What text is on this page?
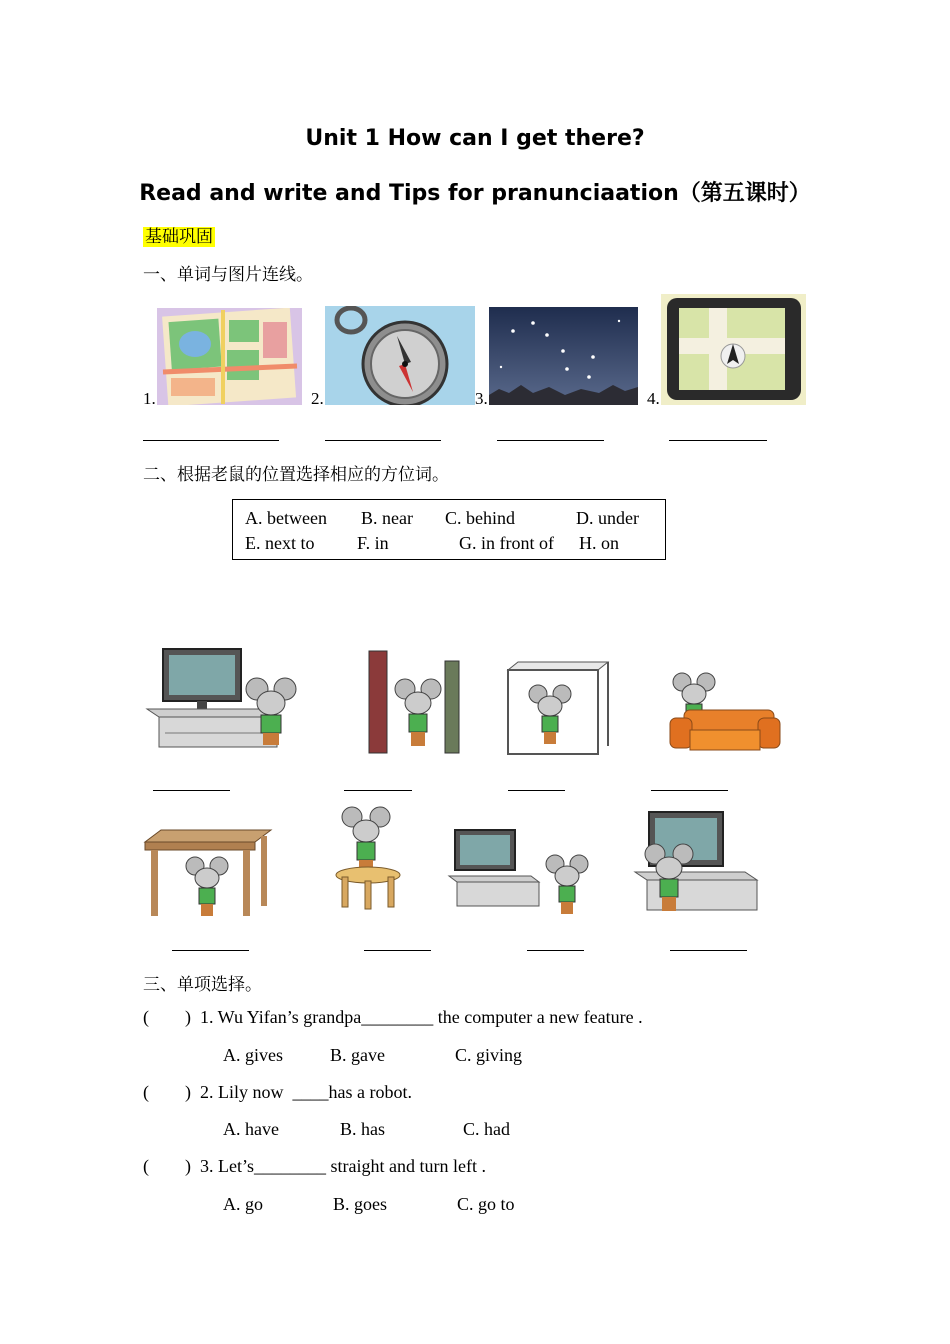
Unit 1 How can I get there?
Read and write and Tips for pranunciaation（第五课时）
基础巩固
一、单词与图片连线。
1.	2.	3.	4.
二、根据老鼠的位置选择相应的方位词。
A. between B. near C. behind	D. under
E. next to F. in	G. in front of H. on
三、单项选择。
(        ) 1. Wu Yifan’s grandpa________ the computer a new feature .
A. gives	B. gave	C. giving
(        ) 2. Lily now  ____has a robot.
A. have	B. has	C. had
(        ) 3. Let’s________ straight and turn left .
A. go	B. goes	C. go to
